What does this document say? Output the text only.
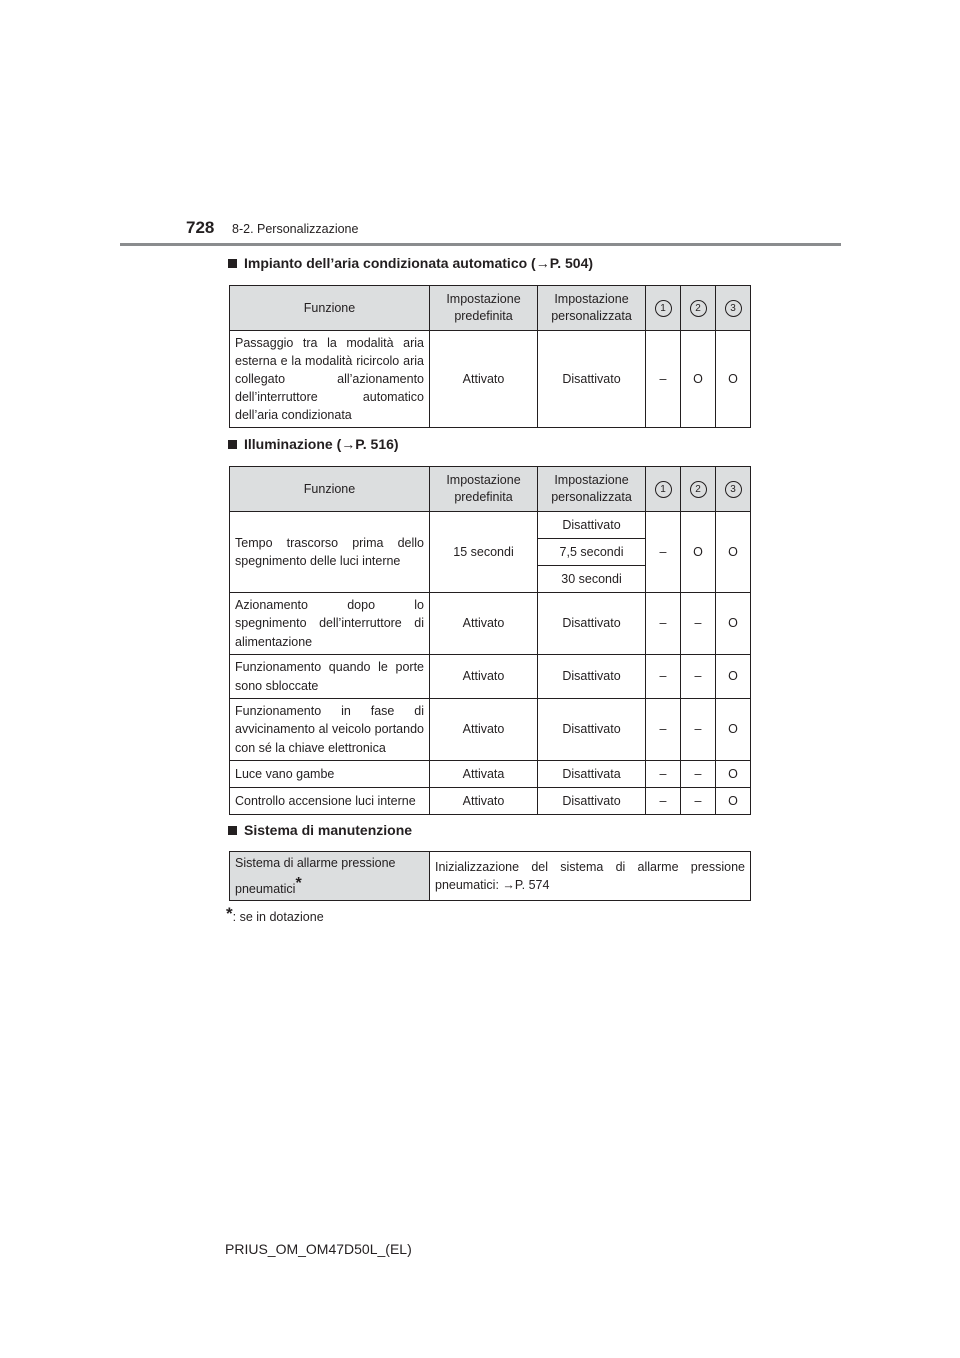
728 8-2. Personalizzazione
Impianto dell’aria condizionata automatico (→P. 504)
Funzione	Impostazione predefinita	Impostazione personalizzata	1	2	3
Passaggio tra la modalità aria esterna e la modalità ricircolo aria collegato all’azionamento dell’interruttore automatico dell’aria condizionata	Attivato	Disattivato	–	O	O
Illuminazione (→P. 516)
Funzione	Impostazione predefinita	Impostazione personalizzata	1	2	3
Tempo trascorso prima dello spegnimento delle luci interne	15 secondi	Disattivato	–	O	O
		7,5 secondi			
		30 secondi			
Azionamento dopo lo spegnimento dell’interruttore di alimentazione	Attivato	Disattivato	–	–	O
Funzionamento quando le porte sono sbloccate	Attivato	Disattivato	–	–	O
Funzionamento in fase di avvicinamento al veicolo portando con sé la chiave elettronica	Attivato	Disattivato	–	–	O
Luce vano gambe	Attivata	Disattivata	–	–	O
Controllo accensione luci interne	Attivato	Disattivato	–	–	O
Sistema di manutenzione
Sistema di allarme pressione pneumatici*	Inizializzazione del sistema di allarme pressione pneumatici: →P. 574
*: se in dotazione
PRIUS_OM_OM47D50L_(EL)
